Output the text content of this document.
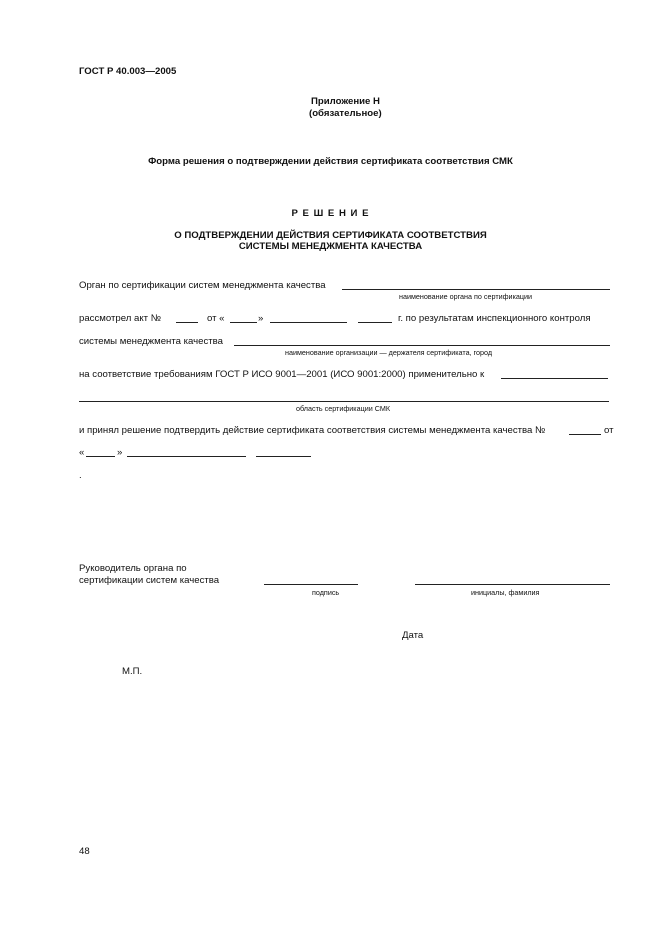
ГОСТ Р 40.003—2005
Приложение Н
(обязательное)
Форма решения о подтверждении действия сертификата соответствия СМК
Р Е Ш Е Н И Е
О ПОДТВЕРЖДЕНИИ ДЕЙСТВИЯ СЕРТИФИКАТА СООТВЕТСТВИЯ
СИСТЕМЫ МЕНЕДЖМЕНТА КАЧЕСТВА
Орган по сертификации систем менеджмента качества
наименование органа по сертификации
рассмотрел акт №	от «	»	г. по результатам инспекционного контроля
системы менеджмента качества
наименование организации — держателя сертификата, город
на соответствие требованиям ГОСТ Р ИСО 9001—2001 (ИСО 9001:2000) применительно к
область сертификации СМК
и принял решение подтвердить действие сертификата соответствия системы менеджмента качества №	от
«	»
.
Руководитель органа по
сертификации систем качества
подпись	инициалы, фамилия
Дата
М.П.
48
